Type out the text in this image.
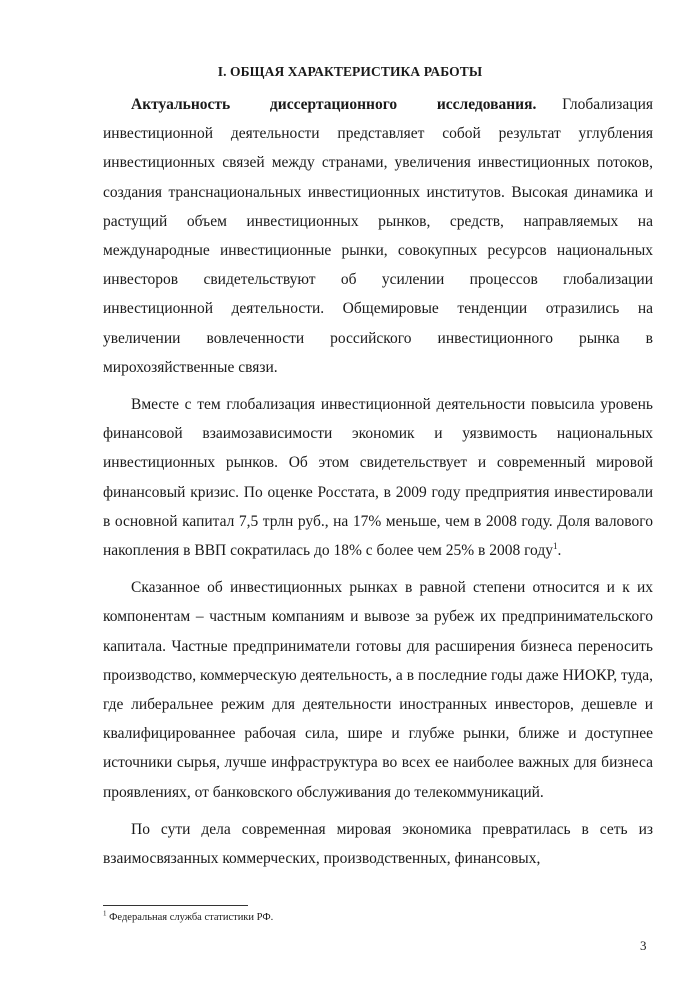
I. ОБЩАЯ ХАРАКТЕРИСТИКА РАБОТЫ

Актуальность диссертационного исследования. Глобализация инвестиционной деятельности представляет собой результат углубления инвестиционных связей между странами, увеличения инвестиционных потоков, создания транснациональных инвестиционных институтов. Высокая динамика и растущий объем инвестиционных рынков, средств, направляемых на международные инвестиционные рынки, совокупных ресурсов национальных инвесторов свидетельствуют об усилении процессов глобализации инвестиционной деятельности. Общемировые тенденции отразились на увеличении вовлеченности российского инвестиционного рынка в мирохозяйственные связи.

Вместе с тем глобализация инвестиционной деятельности повысила уровень финансовой взаимозависимости экономик и уязвимость национальных инвестиционных рынков. Об этом свидетельствует и современный мировой финансовый кризис. По оценке Росстата, в 2009 году предприятия инвестировали в основной капитал 7,5 трлн руб., на 17% меньше, чем в 2008 году. Доля валового накопления в ВВП сократилась до 18% с более чем 25% в 2008 году$^1$.

Сказанное об инвестиционных рынках в равной степени относится и к их компонентам – частным компаниям и вывозе за рубеж их предпринимательского капитала. Частные предприниматели готовы для расширения бизнеса переносить производство, коммерческую деятельность, а в последние годы даже НИОКР, туда, где либеральнее режим для деятельности иностранных инвесторов, дешевле и квалифицированнее рабочая сила, шире и глубже рынки, ближе и доступнее источники сырья, лучше инфраструктура во всех ее наиболее важных для бизнеса проявлениях, от банковского обслуживания до телекоммуникаций.

По сути дела современная мировая экономика превратилась в сеть из взаимосвязанных коммерческих, производственных, финансовых,

$^1$ Федеральная служба статистики РФ.
3
